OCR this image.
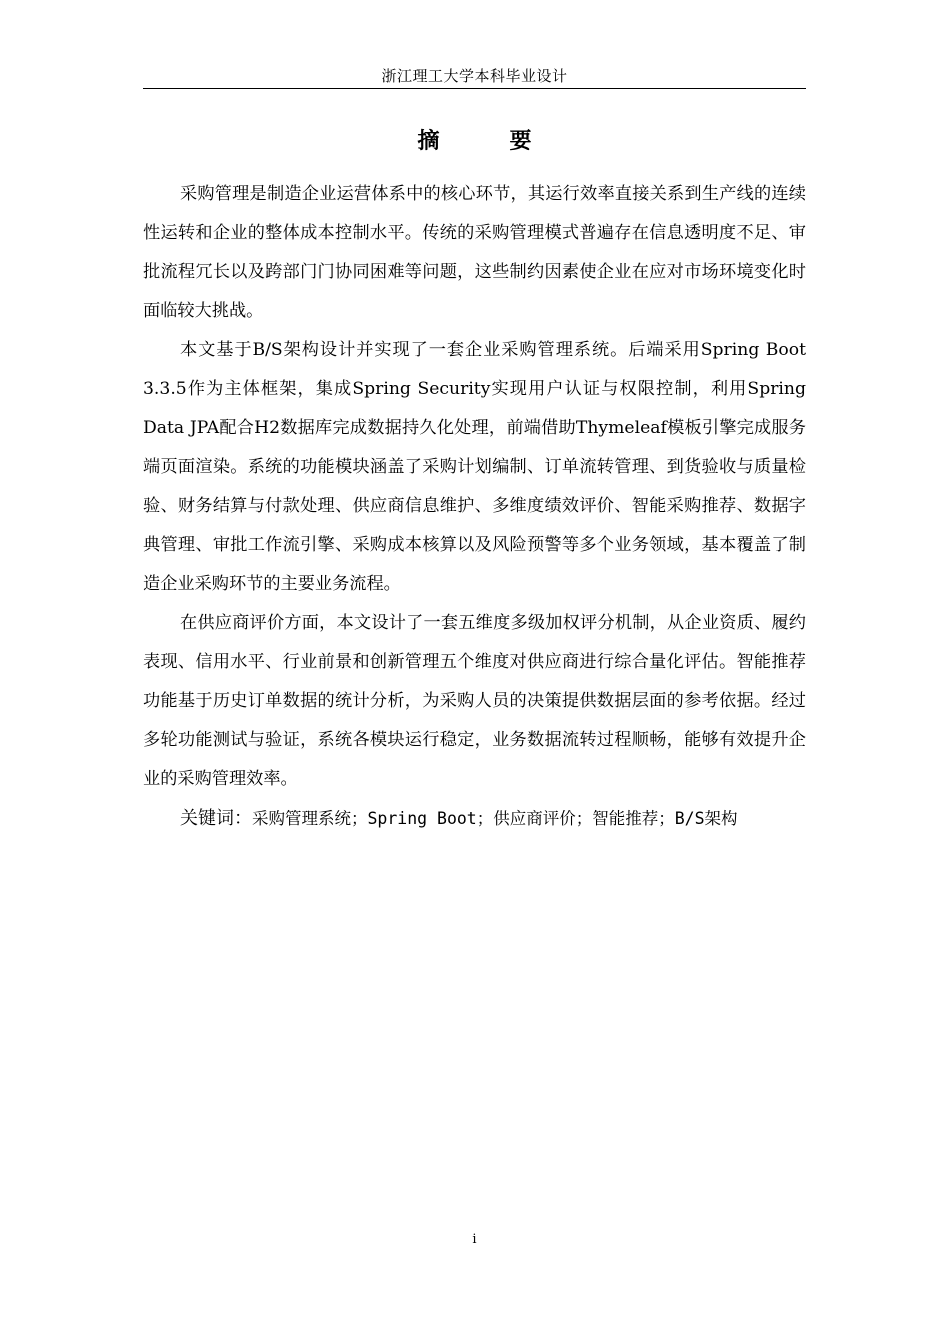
浙江理工大学本科毕业设计
摘　要

采购管理是制造企业运营体系中的核心环节，其运行效率直接关系到生产线的连续性运转和企业的整体成本控制水平。传统的采购管理模式普遍存在信息透明度不足、审批流程冗长以及跨部门门协同困难等问题，这些制约因素使企业在应对市场环境变化时面临较大挑战。

本文基于B/S架构设计并实现了一套企业采购管理系统。后端采用Spring Boot 3.3.5作为主体框架，集成Spring Security实现用户认证与权限控制，利用Spring Data JPA配合H2数据库完成数据持久化处理，前端借助Thymeleaf模板引擎完成服务端页面渲染。系统的功能模块涵盖了采购计划编制、订单流转管理、到货验收与质量检验、财务结算与付款处理、供应商信息维护、多维度绩效评价、智能采购推荐、数据字典管理、审批工作流引擎、采购成本核算以及风险预警等多个业务领域，基本覆盖了制造企业采购环节的主要业务流程。

在供应商评价方面，本文设计了一套五维度多级加权评分机制，从企业资质、履约表现、信用水平、行业前景和创新管理五个维度对供应商进行综合量化评估。智能推荐功能基于历史订单数据的统计分析，为采购人员的决策提供数据层面的参考依据。经过多轮功能测试与验证，系统各模块运行稳定，业务数据流转过程顺畅，能够有效提升企业的采购管理效率。

关键词：采购管理系统；Spring Boot；供应商评价；智能推荐；B/S架构

i
